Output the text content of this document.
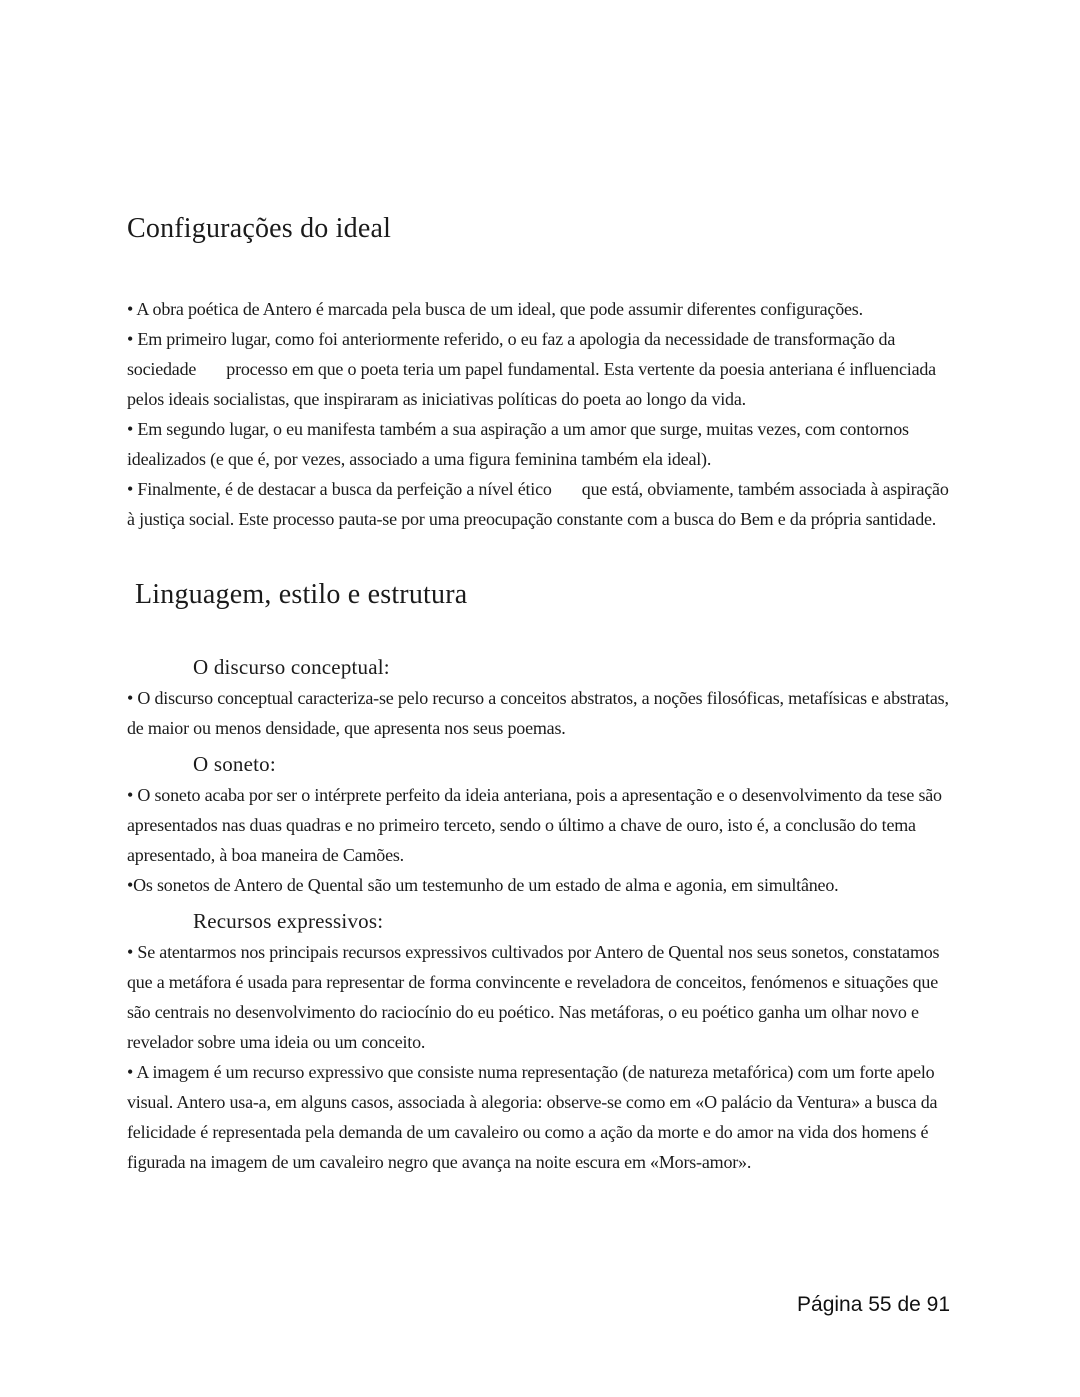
Configurações do ideal

• A obra poética de Antero é marcada pela busca de um ideal, que pode assumir diferentes configurações.

• Em primeiro lugar, como foi anteriormente referido, o eu faz a apologia da necessidade de transformação da sociedade       processo em que o poeta teria um papel fundamental. Esta vertente da poesia anteriana é influenciada pelos ideais socialistas, que inspiraram as iniciativas políticas do poeta ao longo da vida.

• Em segundo lugar, o eu manifesta também a sua aspiração a um amor que surge, muitas vezes, com contornos idealizados (e que é, por vezes, associado a uma figura feminina também ela ideal).

• Finalmente, é de destacar a busca da perfeição a nível ético       que está, obviamente, também associada à aspiração à justiça social. Este processo pauta-se por uma preocupação constante com a busca do Bem e da própria santidade.

Linguagem, estilo e estrutura
O discurso conceptual:

• O discurso conceptual caracteriza-se pelo recurso a conceitos abstratos, a noções filosóficas, metafísicas e abstratas, de maior ou menos densidade, que apresenta nos seus poemas.

O soneto:

• O soneto acaba por ser o intérprete perfeito da ideia anteriana, pois a apresentação e o desenvolvimento da tese são apresentados nas duas quadras e no primeiro terceto, sendo o último a chave de ouro, isto é, a conclusão do tema apresentado, à boa maneira de Camões.

•Os sonetos de Antero de Quental são um testemunho de um estado de alma e agonia, em simultâneo.

Recursos expressivos:

• Se atentarmos nos principais recursos expressivos cultivados por Antero de Quental nos seus sonetos, constatamos que a metáfora é usada para representar de forma convincente e reveladora de conceitos, fenómenos e situações que são centrais no desenvolvimento do raciocínio do eu poético. Nas metáforas, o eu poético ganha um olhar novo e revelador sobre uma ideia ou um conceito.

• A imagem é um recurso expressivo que consiste numa representação (de natureza metafórica) com um forte apelo visual. Antero usa-a, em alguns casos, associada à alegoria: observe-se como em «O palácio da Ventura» a busca da felicidade é representada pela demanda de um cavaleiro ou como a ação da morte e do amor na vida dos homens é figurada na imagem de um cavaleiro negro que avança na noite escura em «Mors-amor».

Página 55 de 91
